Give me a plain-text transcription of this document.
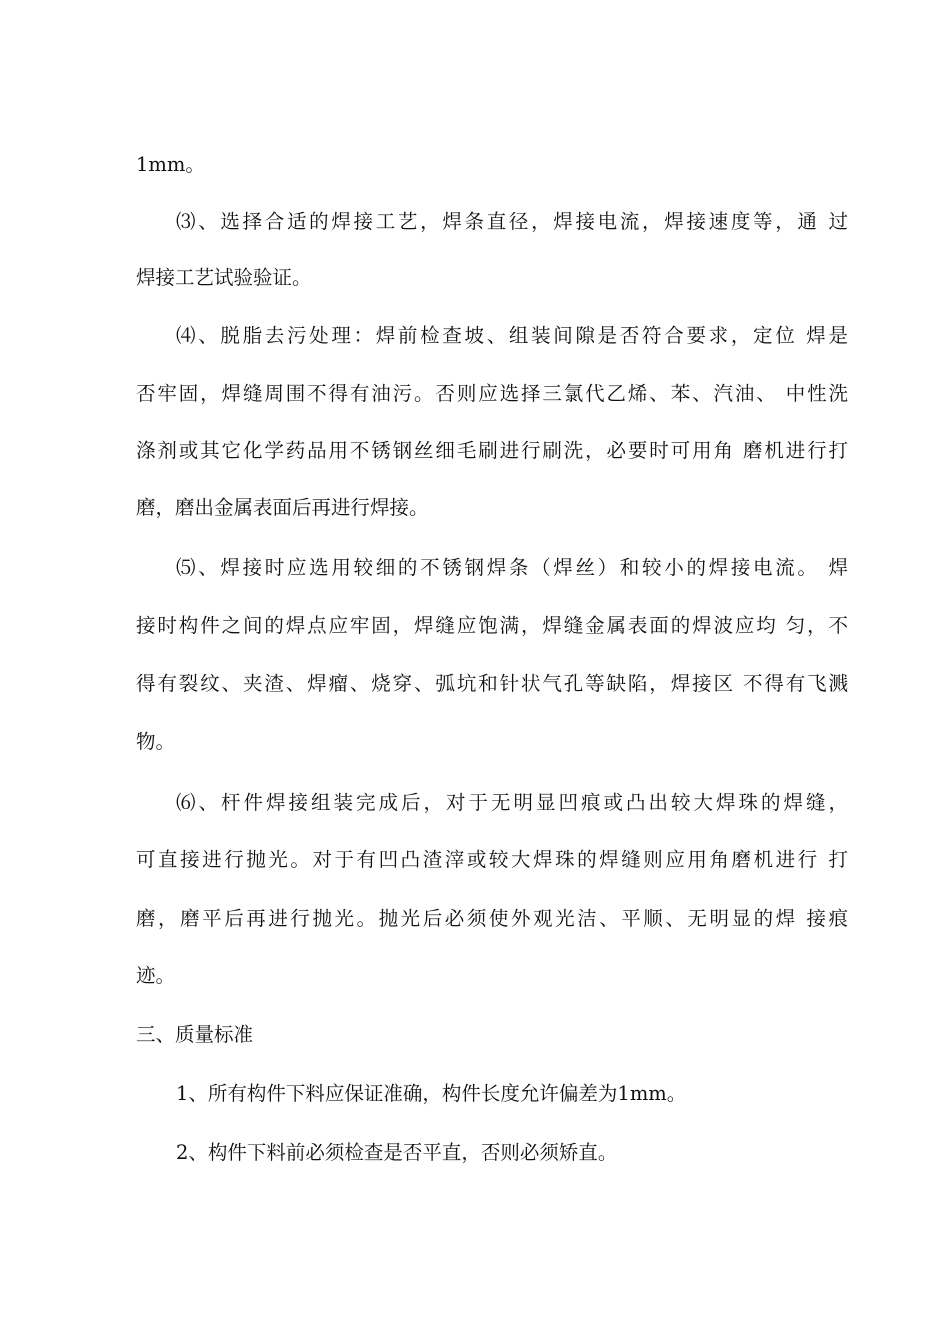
1mm。
⑶、选择合适的焊接工艺，焊条直径，焊接电流，焊接速度等，通 过
焊接工艺试验验证。
⑷、脱脂去污处理：焊前检查坡、组装间隙是否符合要求，定位 焊是
否牢固，焊缝周围不得有油污。否则应选择三氯代乙烯、苯、汽油、 中性洗
涤剂或其它化学药品用不锈钢丝细毛刷进行刷洗，必要时可用角 磨机进行打
磨，磨出金属表面后再进行焊接。
⑸、焊接时应选用较细的不锈钢焊条（焊丝）和较小的焊接电流。 焊
接时构件之间的焊点应牢固，焊缝应饱满，焊缝金属表面的焊波应均 匀，不
得有裂纹、夹渣、焊瘤、烧穿、弧坑和针状气孔等缺陷，焊接区 不得有飞溅
物。
⑹、杆件焊接组装完成后，对于无明显凹痕或凸出较大焊珠的焊缝，
可直接进行抛光。对于有凹凸渣滓或较大焊珠的焊缝则应用角磨机进行 打
磨，磨平后再进行抛光。抛光后必须使外观光洁、平顺、无明显的焊 接痕
迹。
三、质量标准
1、所有构件下料应保证准确，构件长度允许偏差为1mm。
2、构件下料前必须检查是否平直，否则必须矫直。
